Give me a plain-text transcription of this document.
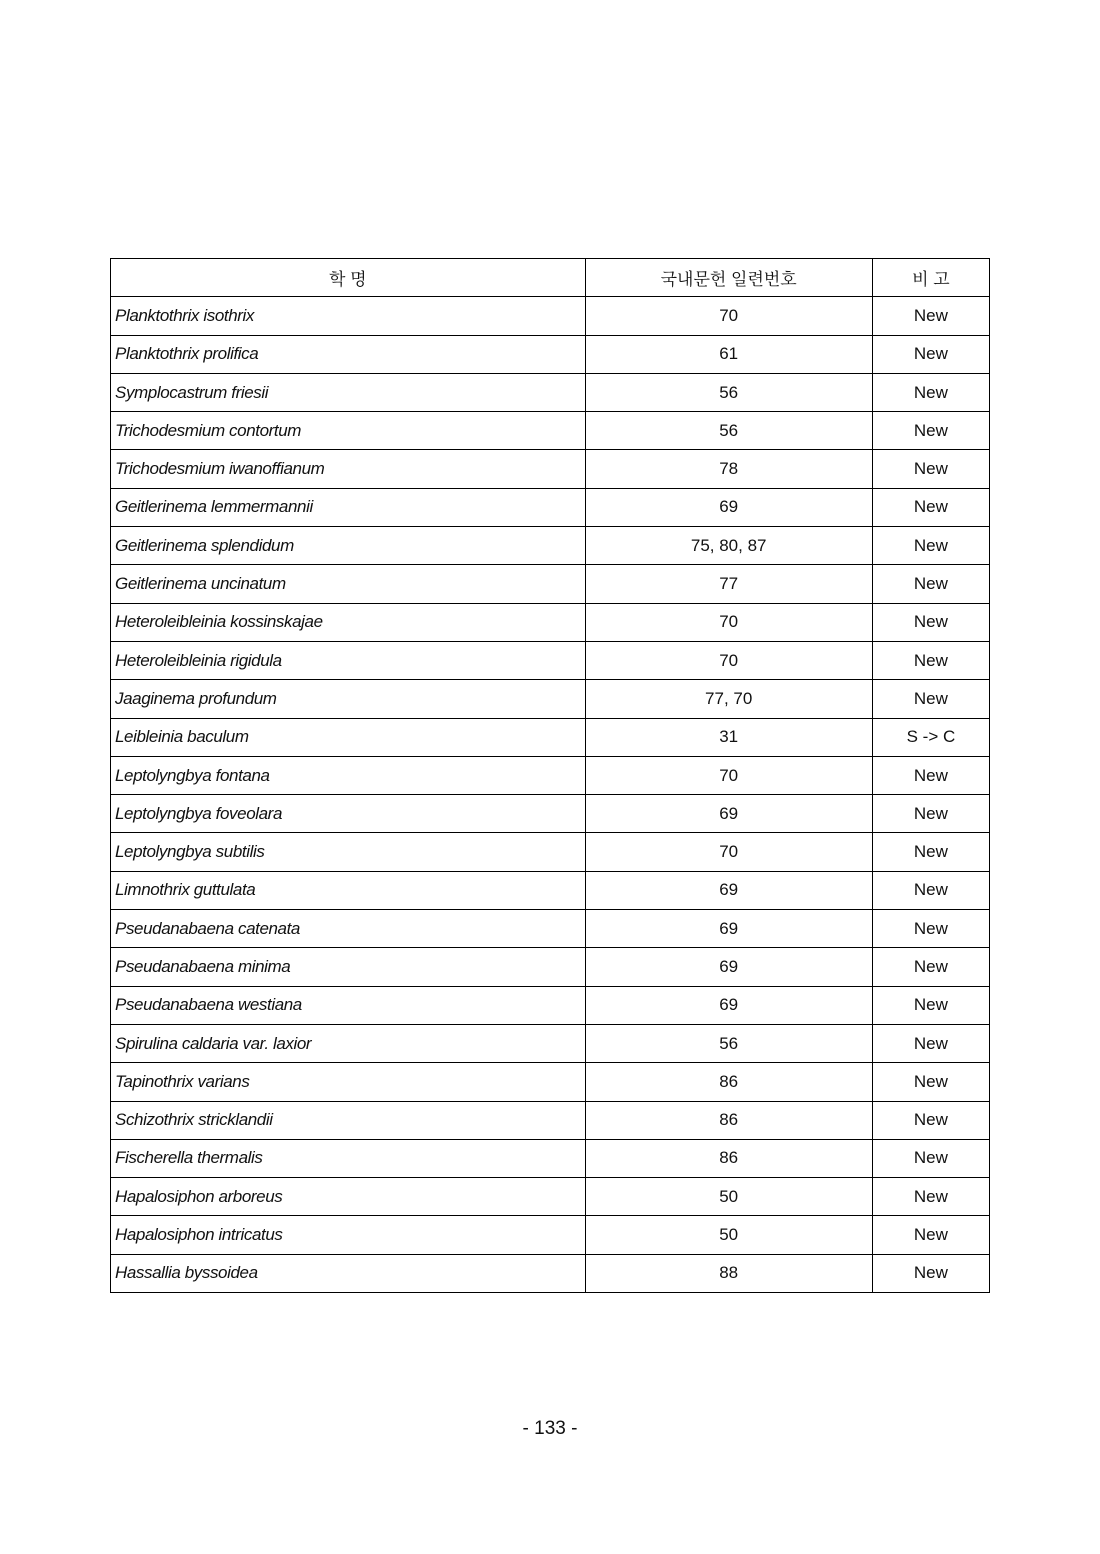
학 명	국내문헌 일련번호	비 고
Planktothrix isothrix	70	New
Planktothrix prolifica	61	New
Symplocastrum friesii	56	New
Trichodesmium contortum	56	New
Trichodesmium iwanoffianum	78	New
Geitlerinema lemmermannii	69	New
Geitlerinema splendidum	75, 80, 87	New
Geitlerinema uncinatum	77	New
Heteroleibleinia kossinskajae	70	New
Heteroleibleinia rigidula	70	New
Jaaginema profundum	77, 70	New
Leibleinia baculum	31	S -> C
Leptolyngbya fontana	70	New
Leptolyngbya foveolara	69	New
Leptolyngbya subtilis	70	New
Limnothrix guttulata	69	New
Pseudanabaena catenata	69	New
Pseudanabaena minima	69	New
Pseudanabaena westiana	69	New
Spirulina caldaria var. laxior	56	New
Tapinothrix varians	86	New
Schizothrix stricklandii	86	New
Fischerella thermalis	86	New
Hapalosiphon arboreus	50	New
Hapalosiphon intricatus	50	New
Hassallia byssoidea	88	New
- 133 -
